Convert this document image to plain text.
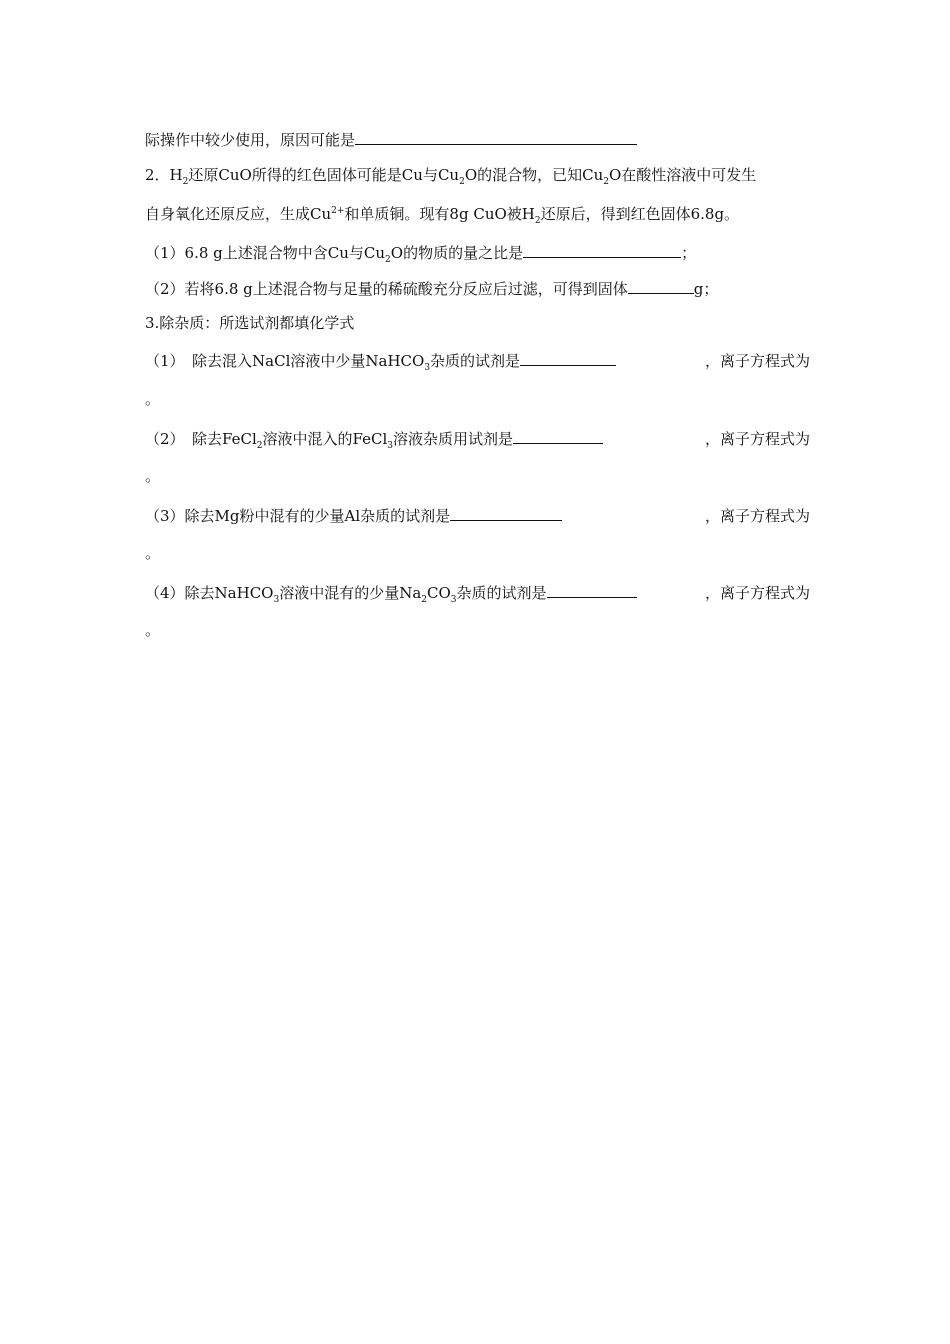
际操作中较少使用，原因可能是
2．$H_2$还原CuO所得的红色固体可能是Cu与$Cu_2O$的混合物，已知$Cu_2O$在酸性溶液中可发生
自身氧化还原反应，生成$Cu^{2+}$和单质铜。现有8g CuO被$H_2$还原后，得到红色固体6.8g。
（1）6.8 g上述混合物中含Cu与$Cu_2O$的物质的量之比是	；
（2）若将6.8 g上述混合物与足量的稀硫酸充分反应后过滤，可得到固体	g；
3.除杂质：所选试剂都填化学式
（1）　除去混入NaCl溶液中少量NaHCO$_3$杂质的试剂是	，离子方程式为
。
（2）　除去FeCl$_2$溶液中混入的FeCl$_3$溶液杂质用试剂是	，离子方程式为
。
（3）除去Mg粉中混有的少量Al杂质的试剂是	，离子方程式为
。
（4）除去NaHCO$_3$溶液中混有的少量$Na_2CO_3$杂质的试剂是	，离子方程式为
。
